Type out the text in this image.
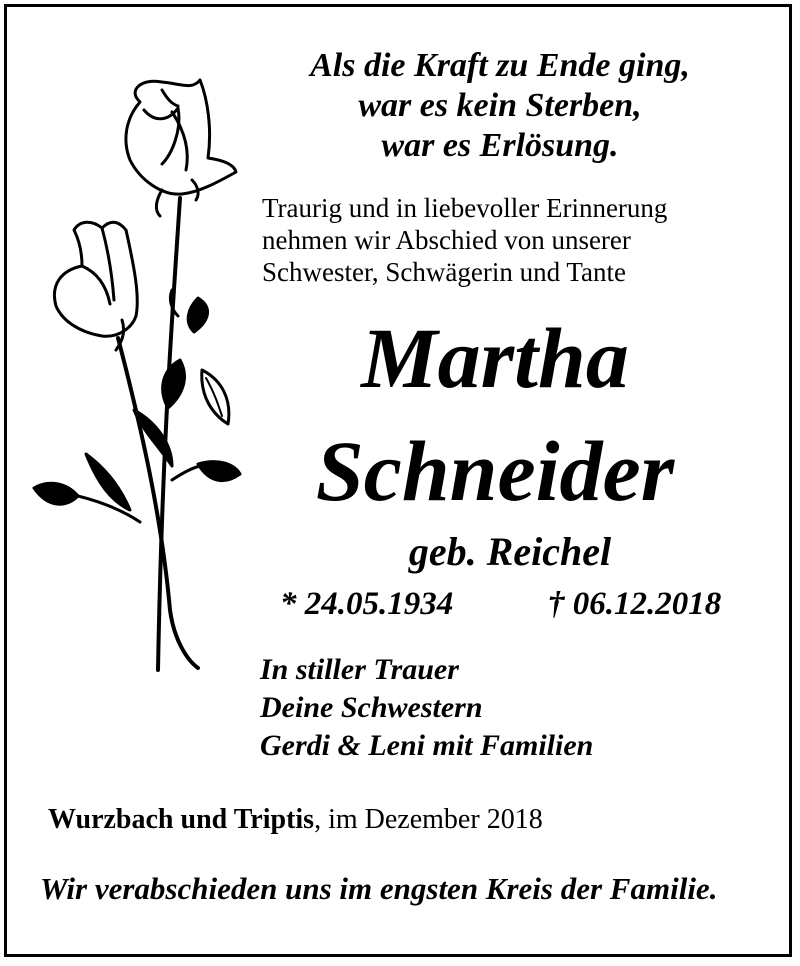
Als die Kraft zu Ende ging,
war es kein Sterben,
war es Erlösung.
Traurig und in liebevoller Erinnerung
nehmen wir Abschied von unserer
Schwester, Schwägerin und Tante
Martha
Schneider
geb. Reichel
* 24.05.1934	† 06.12.2018
In stiller Trauer
Deine Schwestern
Gerdi & Leni mit Familien
Wurzbach und Triptis, im Dezember 2018
Wir verabschieden uns im engsten Kreis der Familie.
